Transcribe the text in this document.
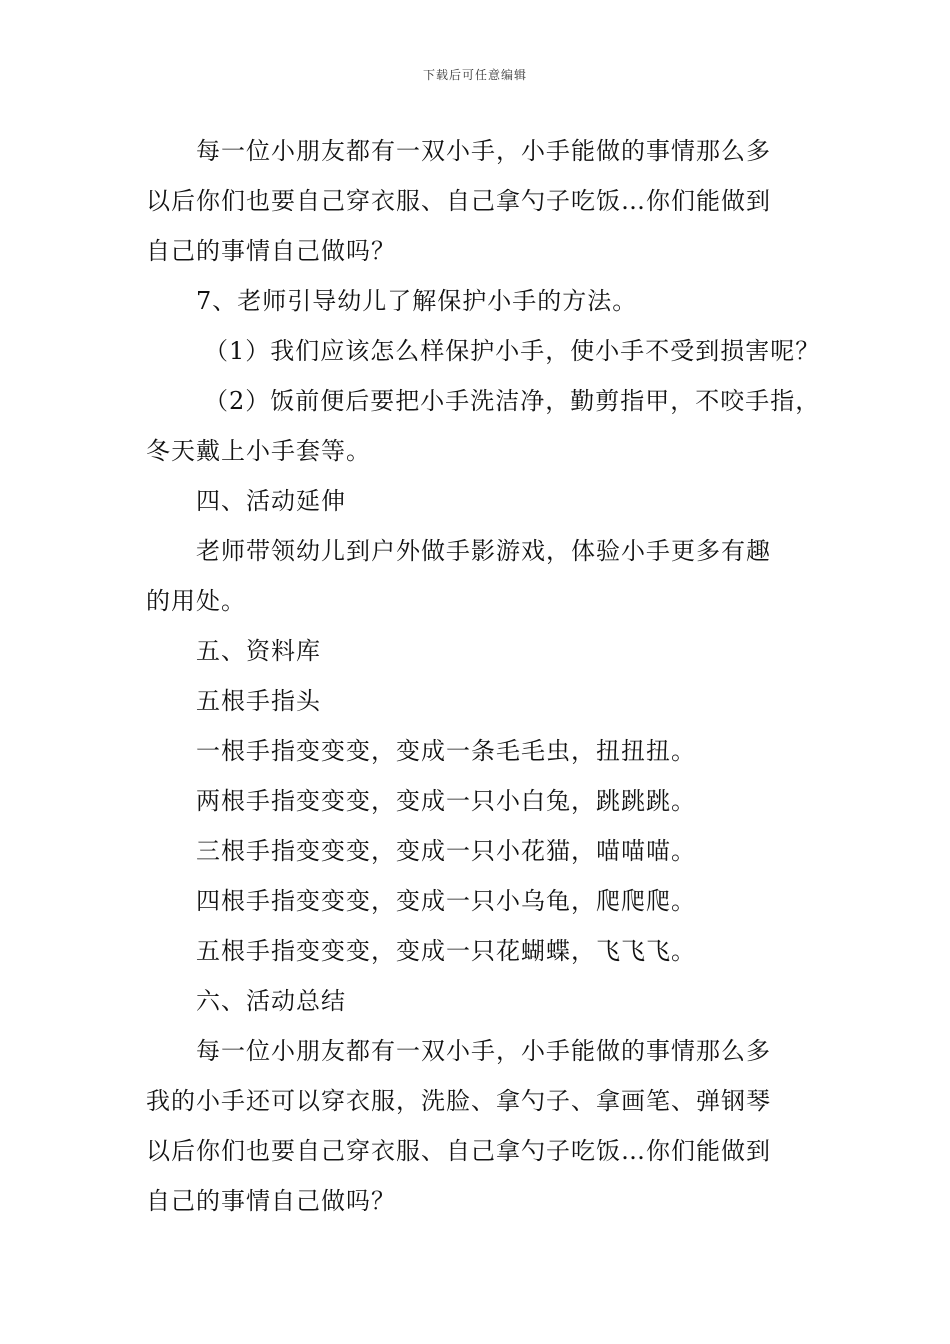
下载后可任意编辑
每一位小朋友都有一双小手，小手能做的事情那么多
以后你们也要自己穿衣服、自己拿勺子吃饭…你们能做到
自己的事情自己做吗？
7、老师引导幼儿了解保护小手的方法。
（1）我们应该怎么样保护小手，使小手不受到损害呢？
（2）饭前便后要把小手洗洁净，勤剪指甲，不咬手指，
冬天戴上小手套等。
四、活动延伸
老师带领幼儿到户外做手影游戏，体验小手更多有趣
的用处。
五、资料库
五根手指头
一根手指变变变，变成一条毛毛虫，扭扭扭。
两根手指变变变，变成一只小白兔，跳跳跳。
三根手指变变变，变成一只小花猫，喵喵喵。
四根手指变变变，变成一只小乌龟，爬爬爬。
五根手指变变变，变成一只花蝴蝶，飞飞飞。
六、活动总结
每一位小朋友都有一双小手，小手能做的事情那么多
我的小手还可以穿衣服，洗脸、拿勺子、拿画笔、弹钢琴
以后你们也要自己穿衣服、自己拿勺子吃饭…你们能做到
自己的事情自己做吗？
